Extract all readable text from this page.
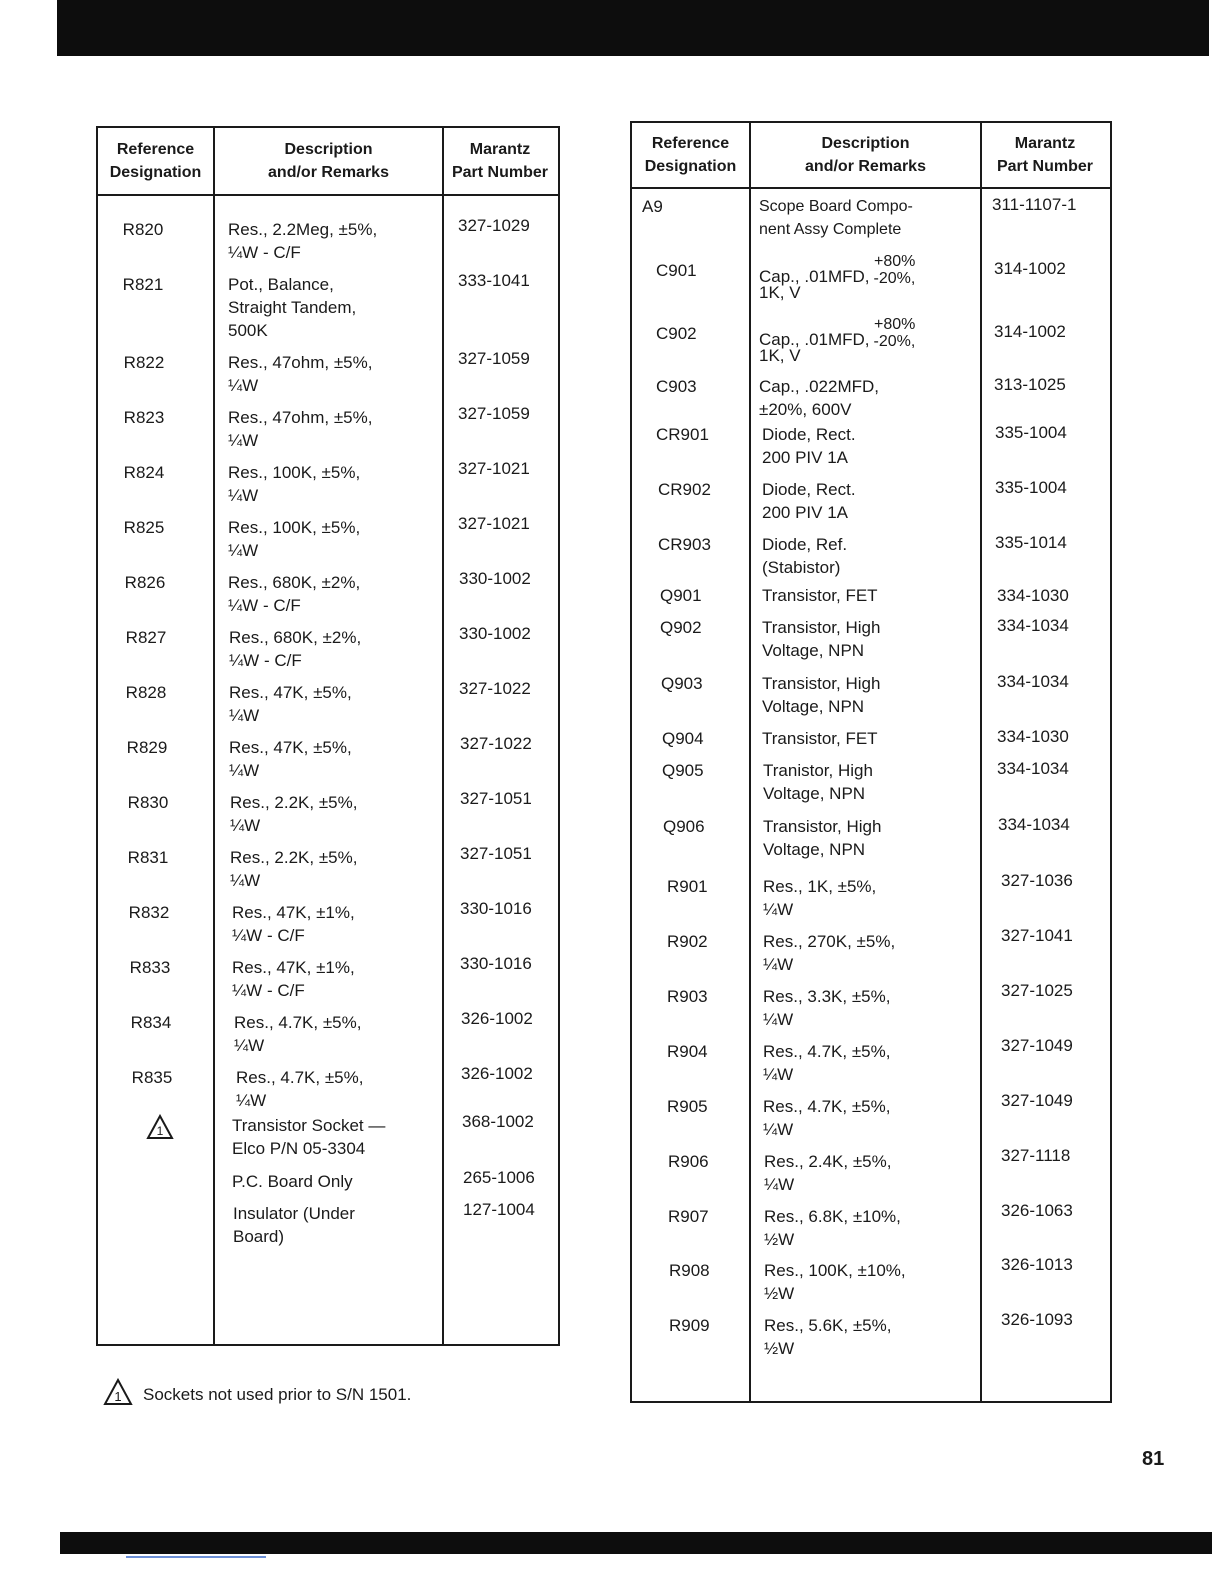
Reference
Designation
Description
and/or Remarks
Marantz
Part Number
R820	Res., 2.2Meg, ±5%,
¼W - C/F
327-1029
R821	Pot., Balance,
Straight Tandem,
500K
333-1041
R822	Res., 47ohm, ±5%,
¼W
327-1059
R823	Res., 47ohm, ±5%,
¼W
327-1059
R824	Res., 100K, ±5%,
¼W
327-1021
R825	Res., 100K, ±5%,
¼W
327-1021
R826	Res., 680K, ±2%,
¼W - C/F
330-1002
R827	Res., 680K, ±2%,
¼W - C/F
330-1002
R828	Res., 47K, ±5%,
¼W
327-1022
R829	Res., 47K, ±5%,
¼W
327-1022
R830	Res., 2.2K, ±5%,
¼W
327-1051
R831	Res., 2.2K, ±5%,
¼W
327-1051
R832	Res., 47K, ±1%,
¼W - C/F
330-1016
R833	Res., 47K, ±1%,
¼W - C/F
330-1016
R834	Res., 4.7K, ±5%,
¼W
326-1002
R835	Res., 4.7K, ±5%,
¼W
326-1002
1	Transistor Socket —
Elco P/N 05-3304
368-1002
P.C. Board Only	265-1006
Insulator (Under
Board)
127-1004
Reference
Designation
Description
and/or Remarks
Marantz
Part Number
A9	Scope Board Compo-
nent Assy Complete
311-1107-1
C901	Cap., .01MFD,
+80%
-20%,
1K, V
314-1002
C902	Cap., .01MFD,
+80%
-20%,
1K, V
314-1002
C903	Cap., .022MFD,
±20%, 600V
313-1025
CR901	Diode, Rect.
200 PIV 1A
335-1004
CR902	Diode, Rect.
200 PIV 1A
335-1004
CR903	Diode, Ref.
(Stabistor)
335-1014
Q901	Transistor, FET	334-1030
Q902	Transistor, High
Voltage, NPN
334-1034
Q903	Transistor, High
Voltage, NPN
334-1034
Q904	Transistor, FET	334-1030
Q905	Tranistor, High
Voltage, NPN
334-1034
Q906	Transistor, High
Voltage, NPN
334-1034
R901	Res., 1K, ±5%,
¼W
327-1036
R902	Res., 270K, ±5%,
¼W
327-1041
R903	Res., 3.3K, ±5%,
¼W
327-1025
R904	Res., 4.7K, ±5%,
¼W
327-1049
R905	Res., 4.7K, ±5%,
¼W
327-1049
R906	Res., 2.4K, ±5%,
¼W
327-1118
R907	Res., 6.8K, ±10%,
½W
326-1063
R908	Res., 100K, ±10%,
½W
326-1013
R909	Res., 5.6K, ±5%,
½W
326-1093
1 Sockets not used prior to S/N 1501.
81
